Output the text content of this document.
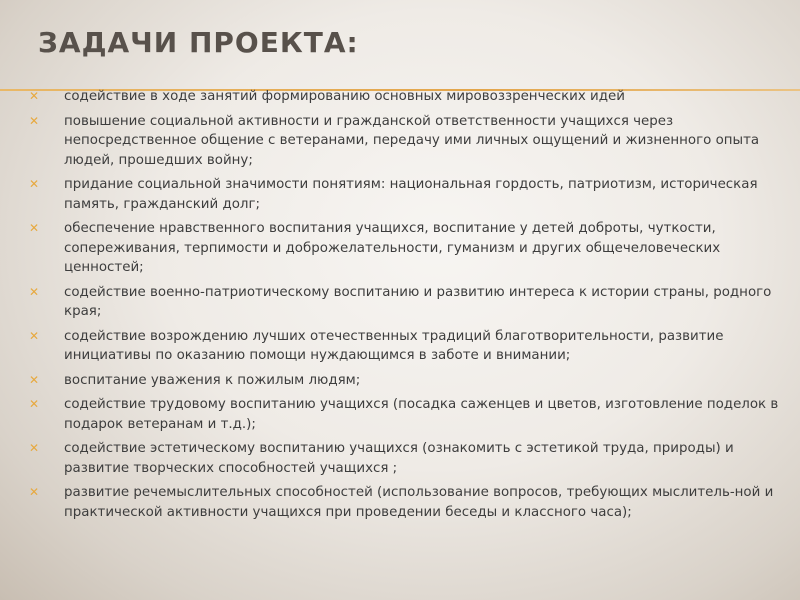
ЗАДАЧИ ПРОЕКТА:
✕ содействие в ходе занятий формированию основных мировоззренческих идей
✕ повышение социальной активности и гражданской ответственности учащихся через непосредственное общение с ветеранами, передачу ими личных ощущений и жизненного опыта людей, прошедших войну;
✕ придание социальной значимости понятиям: национальная гордость, патриотизм, историческая память, гражданский долг;
✕ обеспечение нравственного воспитания учащихся, воспитание у детей доброты, чуткости, сопереживания, терпимости и доброжелательности, гуманизм и других общечеловеческих ценностей;
✕ содействие военно-патриотическому воспитанию и развитию интереса к истории страны, родного края;
✕ содействие возрождению лучших отечественных традиций благотворительности, развитие инициативы по оказанию помощи нуждающимся в заботе и внимании;
✕ воспитание уважения к пожилым людям;
✕ содействие трудовому воспитанию учащихся (посадка саженцев и цветов, изготовление поделок в подарок ветеранам и т.д.);
✕ содействие эстетическому воспитанию учащихся (ознакомить с эстетикой труда, природы) и развитие творческих способностей учащихся ;
✕ развитие речемыслительных способностей (использование вопросов, требующих мыслитель-ной и практической активности учащихся при проведении беседы и классного часа);
